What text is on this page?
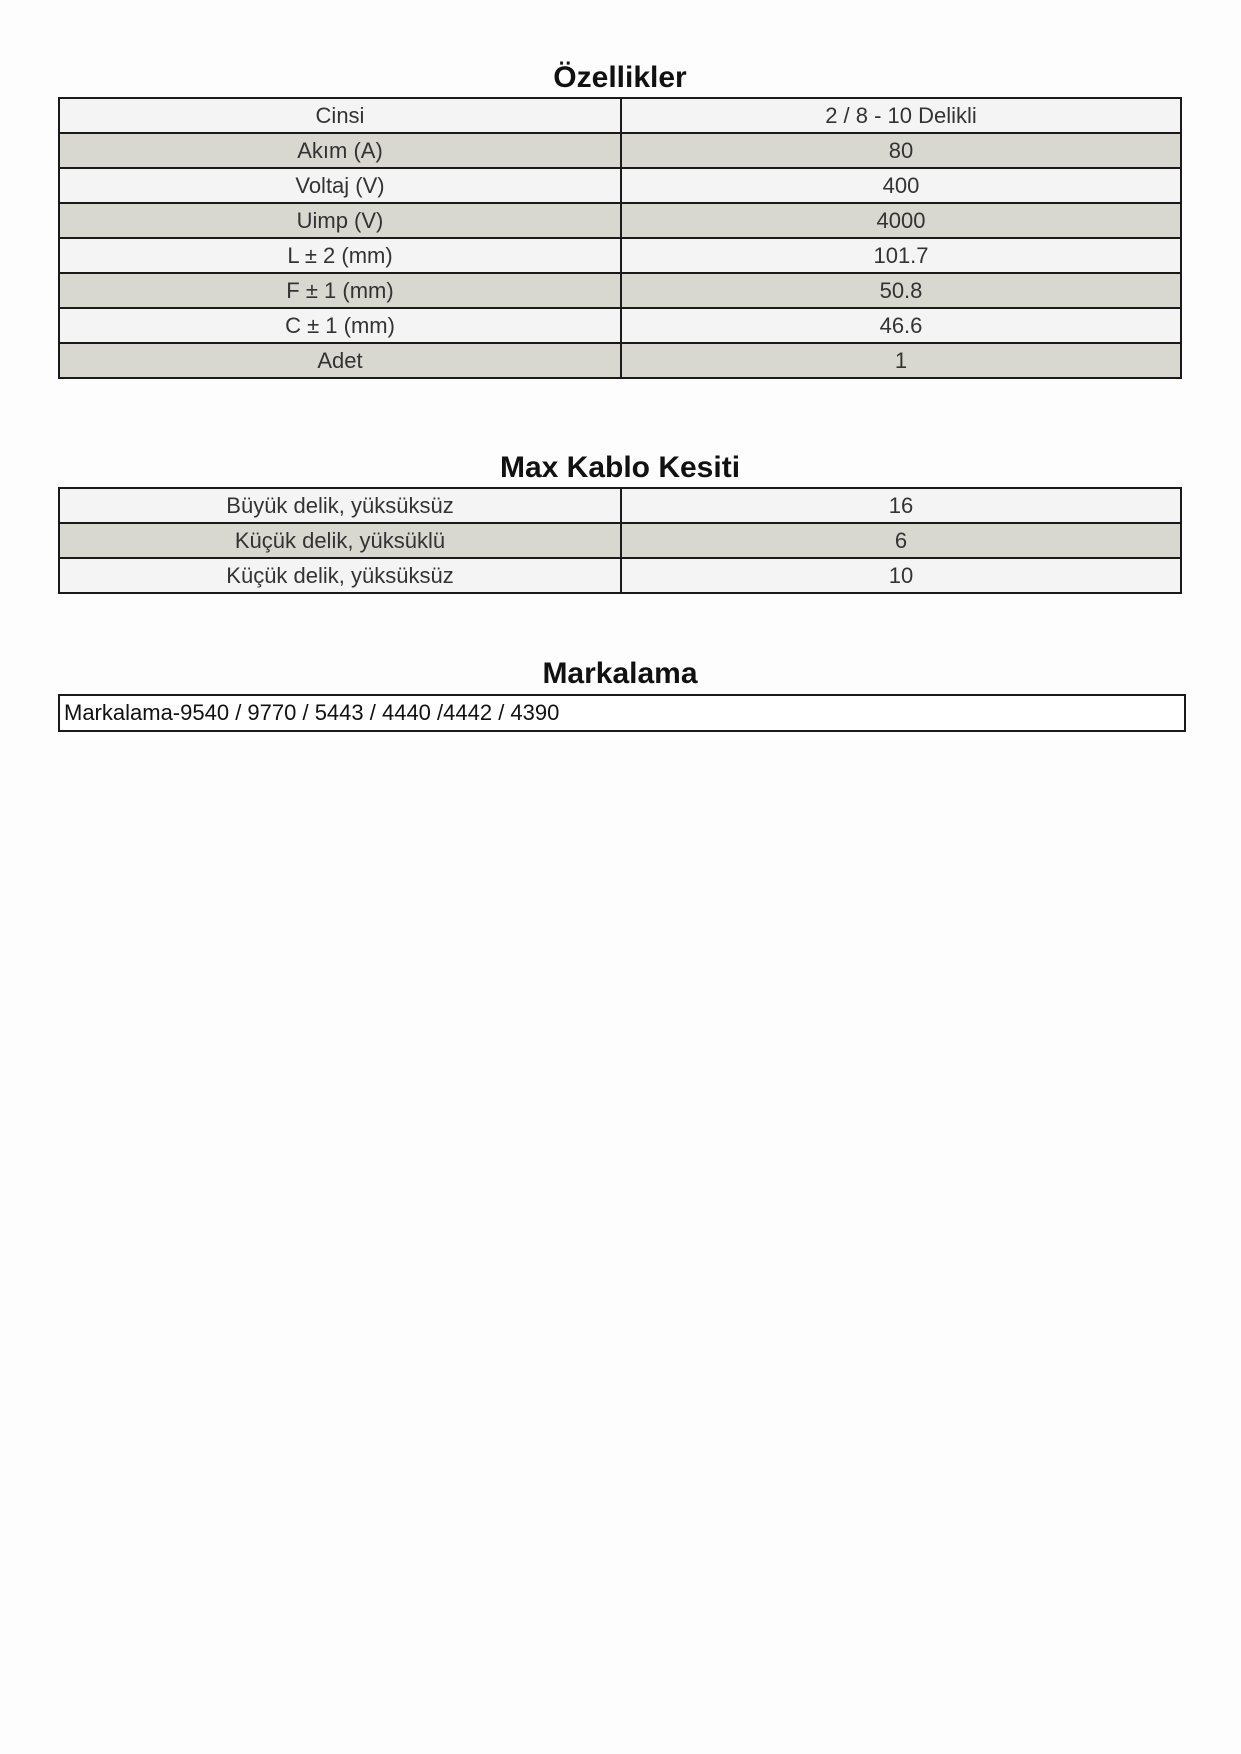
Özellikler
Cinsi	2 / 8 - 10 Delikli
Akım (A)	80
Voltaj (V)	400
Uimp (V)	4000
L ± 2 (mm)	101.7
F ± 1 (mm)	50.8
C ± 1 (mm)	46.6
Adet	1
Max Kablo Kesiti
Büyük delik, yüksüksüz	16
Küçük delik, yüksüklü	6
Küçük delik, yüksüksüz	10
Markalama
Markalama-9540 / 9770 / 5443 / 4440 /4442 / 4390
